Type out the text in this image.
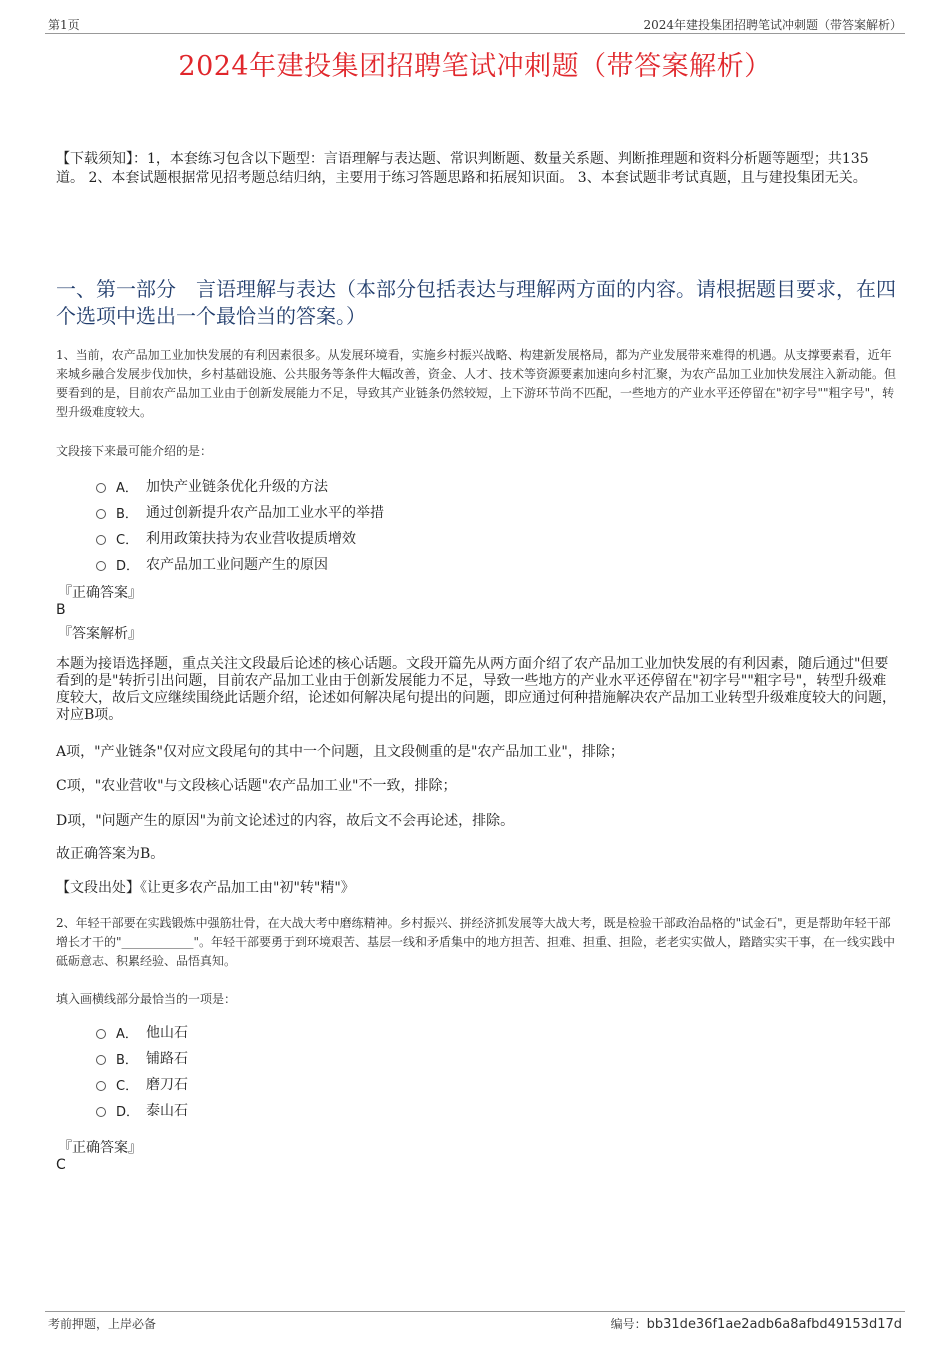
第1页	2024年建投集团招聘笔试冲刺题（带答案解析）
2024年建投集团招聘笔试冲刺题（带答案解析）
【下载须知】：1，本套练习包含以下题型：言语理解与表达题、常识判断题、数量关系题、判断推理题和资料分析题等题型；共135道。 2、本套试题根据常见招考题总结归纳，主要用于练习答题思路和拓展知识面。 3、本套试题非考试真题，且与建投集团无关。
一、第一部分　言语理解与表达（本部分包括表达与理解两方面的内容。请根据题目要求，在四个选项中选出一个最恰当的答案。）
1、当前，农产品加工业加快发展的有利因素很多。从发展环境看，实施乡村振兴战略、构建新发展格局，都为产业发展带来难得的机遇。从支撑要素看，近年来城乡融合发展步伐加快，乡村基础设施、公共服务等条件大幅改善，资金、人才、技术等资源要素加速向乡村汇聚，为农产品加工业加快发展注入新动能。但要看到的是，目前农产品加工业由于创新发展能力不足，导致其产业链条仍然较短，上下游环节尚不匹配，一些地方的产业水平还停留在"初字号""粗字号"，转型升级难度较大。
文段接下来最可能介绍的是：
A． 加快产业链条优化升级的方法
B． 通过创新提升农产品加工业水平的举措
C． 利用政策扶持为农业营收提质增效
D． 农产品加工业问题产生的原因
『正确答案』
B
『答案解析』
本题为接语选择题，重点关注文段最后论述的核心话题。文段开篇先从两方面介绍了农产品加工业加快发展的有利因素，随后通过"但要看到的是"转折引出问题，目前农产品加工业由于创新发展能力不足，导致一些地方的产业水平还停留在"初字号""粗字号"，转型升级难度较大，故后文应继续围绕此话题介绍，论述如何解决尾句提出的问题，即应通过何种措施解决农产品加工业转型升级难度较大的问题，对应B项。
A项，"产业链条"仅对应文段尾句的其中一个问题，且文段侧重的是"农产品加工业"，排除；
C项，"农业营收"与文段核心话题"农产品加工业"不一致，排除；
D项，"问题产生的原因"为前文论述过的内容，故后文不会再论述，排除。
故正确答案为B。
【文段出处】《让更多农产品加工由"初"转"精"》
2、年轻干部要在实践锻炼中强筋壮骨，在大战大考中磨练精神。乡村振兴、拼经济抓发展等大战大考，既是检验干部政治品格的"试金石"，更是帮助年轻干部增长才干的"____________"。年轻干部要勇于到环境艰苦、基层一线和矛盾集中的地方担苦、担难、担重、担险，老老实实做人，踏踏实实干事，在一线实践中砥砺意志、积累经验、品悟真知。
填入画横线部分最恰当的一项是：
A． 他山石
B． 铺路石
C． 磨刀石
D． 泰山石
『正确答案』
C
考前押题，上岸必备	编号：bb31de36f1ae2adb6a8afbd49153d17d
